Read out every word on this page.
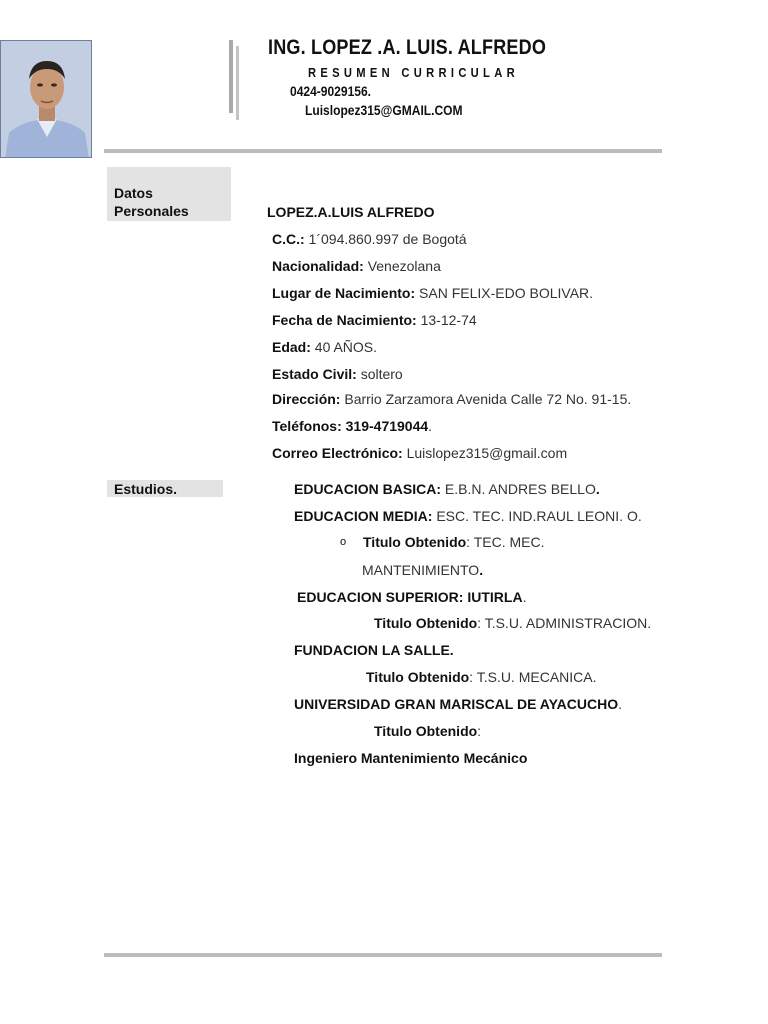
ING. LOPEZ .A. LUIS. ALFREDO
RESUMEN CURRICULAR
0424-9029156.
Luislopez315@GMAIL.COM
Datos
Personales	LOPEZ.A.LUIS ALFREDO
C.C.: 1´094.860.997 de Bogotá
Nacionalidad: Venezolana
Lugar de Nacimiento: SAN FELIX-EDO BOLIVAR.
Fecha de Nacimiento: 13-12-74
Edad: 40 AÑOS.
Estado Civil: soltero
Dirección: Barrio Zarzamora Avenida Calle 72 No. 91-15.
Teléfonos: 319-4719044.
Correo Electrónico: Luislopez315@gmail.com
Estudios.	EDUCACION BASICA: E.B.N. ANDRES BELLO.
EDUCACION MEDIA: ESC. TEC. IND.RAUL LEONI. O.
o Titulo Obtenido: TEC. MEC.
MANTENIMIENTO.
EDUCACION SUPERIOR: IUTIRLA.
Titulo Obtenido: T.S.U. ADMINISTRACION.
FUNDACION LA SALLE.
Titulo Obtenido: T.S.U. MECANICA.
UNIVERSIDAD GRAN MARISCAL DE AYACUCHO.
Titulo Obtenido:
Ingeniero Mantenimiento Mecánico
